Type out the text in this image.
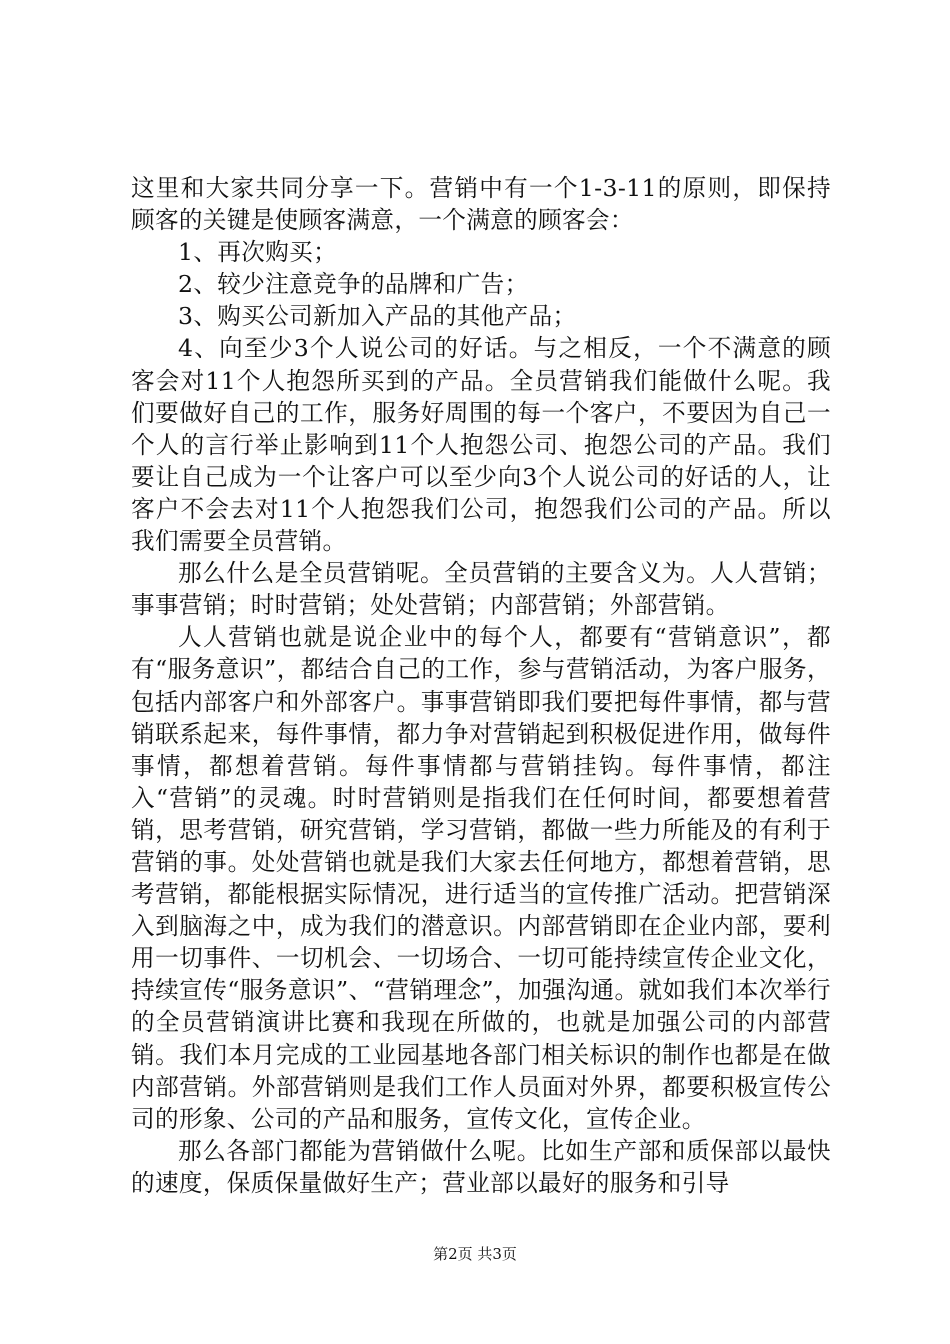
这里和大家共同分享一下。营销中有一个1-3-11的原则，即保持顾客的关键是使顾客满意，一个满意的顾客会：

1、再次购买；

2、较少注意竞争的品牌和广告；

3、购买公司新加入产品的其他产品；

4、向至少3个人说公司的好话。与之相反，一个不满意的顾客会对11个人抱怨所买到的产品。全员营销我们能做什么呢。我们要做好自己的工作，服务好周围的每一个客户，不要因为自己一个人的言行举止影响到11个人抱怨公司、抱怨公司的产品。我们要让自己成为一个让客户可以至少向3个人说公司的好话的人，让客户不会去对11个人抱怨我们公司，抱怨我们公司的产品。所以我们需要全员营销。

那么什么是全员营销呢。全员营销的主要含义为。人人营销；事事营销；时时营销；处处营销；内部营销；外部营销。

人人营销也就是说企业中的每个人，都要有“营销意识”，都有“服务意识”，都结合自己的工作，参与营销活动，为客户服务，包括内部客户和外部客户。事事营销即我们要把每件事情，都与营销联系起来，每件事情，都力争对营销起到积极促进作用，做每件事情，都想着营销。每件事情都与营销挂钩。每件事情，都注入“营销”的灵魂。时时营销则是指我们在任何时间，都要想着营销，思考营销，研究营销，学习营销，都做一些力所能及的有利于营销的事。处处营销也就是我们大家去任何地方，都想着营销，思考营销，都能根据实际情况，进行适当的宣传推广活动。把营销深入到脑海之中，成为我们的潜意识。内部营销即在企业内部，要利用一切事件、一切机会、一切场合、一切可能持续宣传企业文化，持续宣传“服务意识”、“营销理念”，加强沟通。就如我们本次举行的全员营销演讲比赛和我现在所做的，也就是加强公司的内部营销。我们本月完成的工业园基地各部门相关标识的制作也都是在做内部营销。外部营销则是我们工作人员面对外界，都要积极宣传公司的形象、公司的产品和服务，宣传文化，宣传企业。

那么各部门都能为营销做什么呢。比如生产部和质保部以最快的速度，保质保量做好生产；营业部以最好的服务和引导

第2页 共3页
